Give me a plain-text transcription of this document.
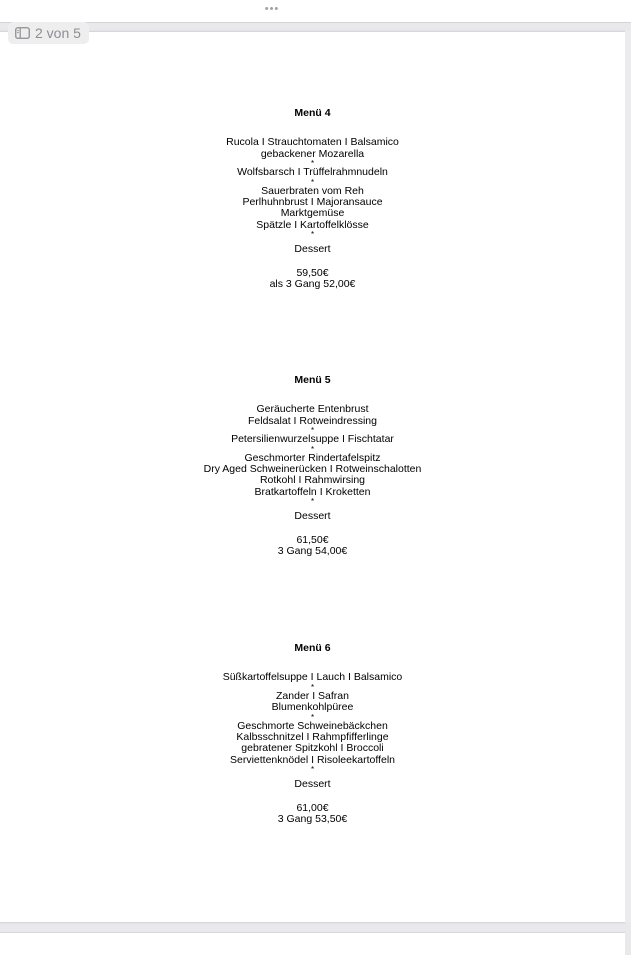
•••
Menü 4
Rucola I Strauchtomaten I Balsamico
gebackener Mozarella
*
Wolfsbarsch I Trüffelrahmnudeln
*
Sauerbraten vom Reh
Perlhuhnbrust I Majoransauce
Marktgemüse
Spätzle I Kartoffelklösse
*
Dessert
59,50€
als 3 Gang 52,00€
Menü 5
Geräucherte Entenbrust
Feldsalat I Rotweindressing
*
Petersilienwurzelsuppe I Fischtatar
*
Geschmorter Rindertafelspitz
Dry Aged Schweinerücken I Rotweinschalotten
Rotkohl I Rahmwirsing
Bratkartoffeln I Kroketten
*
Dessert
61,50€
3 Gang 54,00€
Menü 6
Süßkartoffelsuppe I Lauch I Balsamico
*
Zander I Safran
Blumenkohlpüree
*
Geschmorte Schweinebäckchen
Kalbsschnitzel I Rahmpfifferlinge
gebratener Spitzkohl I Broccoli
Serviettenknödel I Risoleekartoffeln
*
Dessert
61,00€
3 Gang 53,50€
2 von 5
